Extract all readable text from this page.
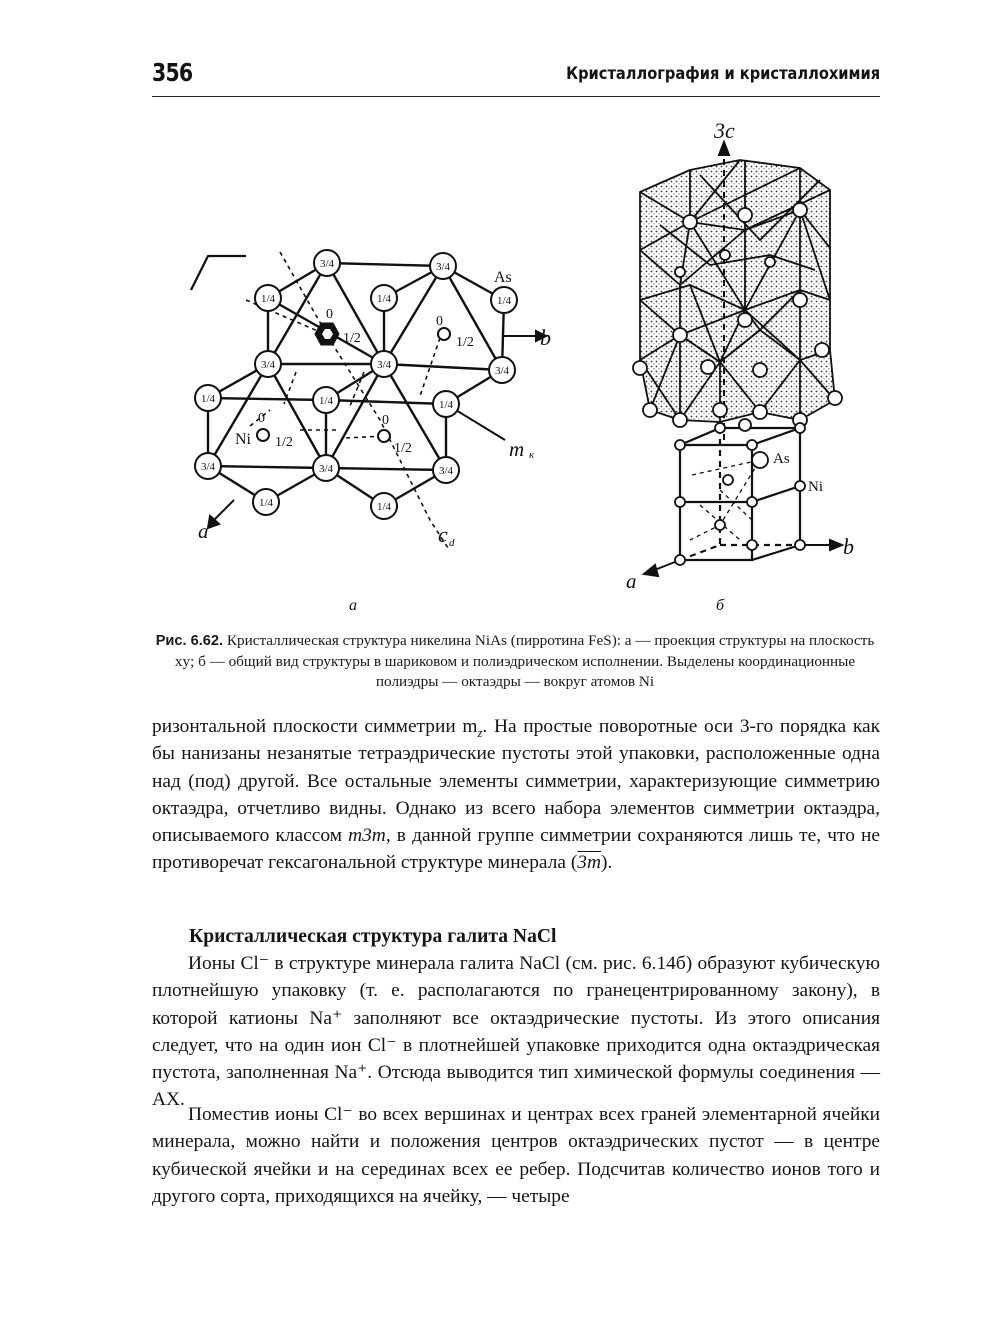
356	Кристаллография и кристаллохимия
3/4	3/4
1/4	1/4	1/4
3/4	3/4	3/4
1/4	1/4	1/4
3/4	3/4	3/4
1/4	1/4
0
1/2
0
1/2
0
1/2
0
1/2
As
Ni
b
a
m к
c d
а
3c
As
Ni
b
a
б
Рис. 6.62. Кристаллическая структура никелина NiAs (пирротина FeS): а — проекция структуры на плоскость xy; б — общий вид структуры в шариковом и полиэдрическом исполнении. Выделены координационные полиэдры — октаэдры — вокруг атомов Ni
ризонтальной плоскости симметрии $m_z$. На простые поворотные оси 3-го порядка как бы нанизаны незанятые тетраэдрические пустоты этой упаковки, расположенные одна над (под) другой. Все остальные элементы симметрии, характеризующие симметрию октаэдра, отчетливо видны. Однако из всего набора элементов симметрии октаэдра, описываемого классом m3m, в данной группе симметрии сохраняются лишь те, что не противоречат гексагональной структуре минерала (3m).
Кристаллическая структура галита NaCl
Ионы Cl⁻ в структуре минерала галита NaCl (см. рис. 6.14б) образуют кубическую плотнейшую упаковку (т. е. располагаются по гранецентрированному закону), в которой катионы Na⁺ заполняют все октаэдрические пустоты. Из этого описания следует, что на один ион Cl⁻ в плотнейшей упаковке приходится одна октаэдрическая пустота, заполненная Na⁺. Отсюда выводится тип химической формулы соединения — AX.
Поместив ионы Cl⁻ во всех вершинах и центрах всех граней элементарной ячейки минерала, можно найти и положения центров октаэдрических пустот — в центре кубической ячейки и на серединах всех ее ребер. Подсчитав количество ионов того и другого сорта, приходящихся на ячейку, — четыре
